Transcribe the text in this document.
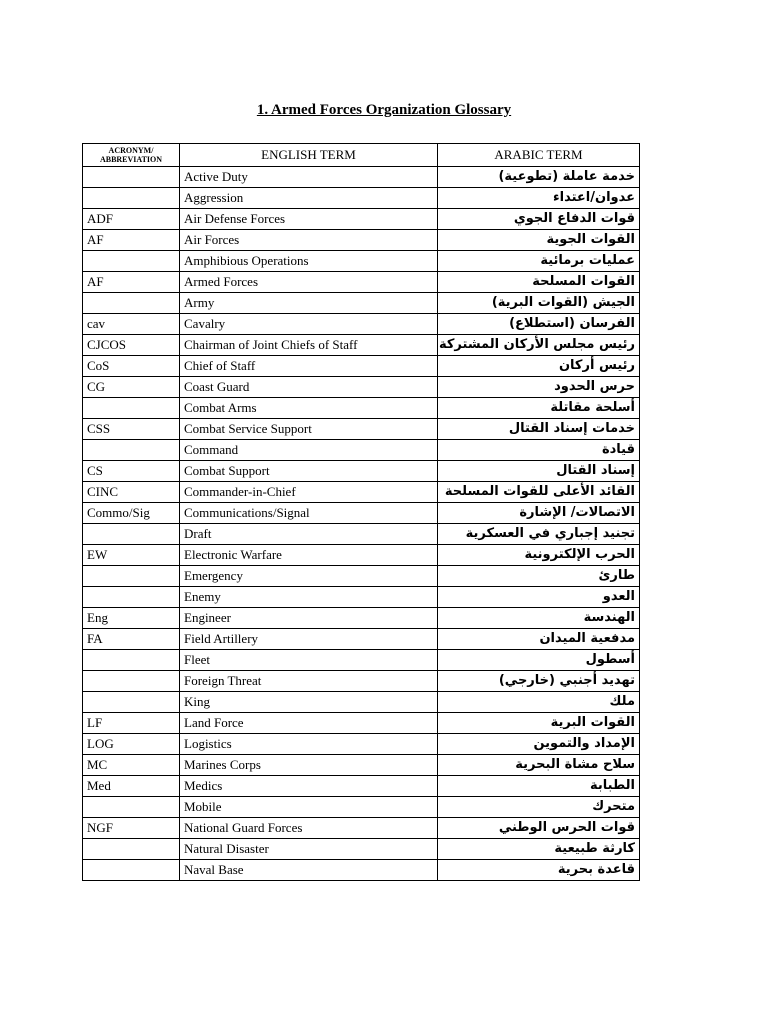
1. Armed Forces Organization Glossary
ACRONYM/ ABBREVIATION	ENGLISH TERM	ARABIC TERM
	Active Duty	خدمة عاملة (تطوعية)
	Aggression	عدوان/اعتداء
ADF	Air Defense Forces	قوات الدفاع الجوي
AF	Air Forces	القوات الجوية
	Amphibious Operations	عمليات برمائية
AF	Armed Forces	القوات المسلحة
	Army	الجيش (القوات البرية)
cav	Cavalry	الفرسان (استطلاع)
CJCOS	Chairman of Joint Chiefs of Staff	رئيس مجلس الأركان المشتركة
CoS	Chief of Staff	رئيس أركان
CG	Coast Guard	حرس الحدود
	Combat Arms	أسلحة مقاتلة
CSS	Combat Service Support	خدمات إسناد القتال
	Command	قيادة
CS	Combat Support	إسناد القتال
CINC	Commander-in-Chief	القائد الأعلى للقوات المسلحة
Commo/Sig	Communications/Signal	الاتصالات/ الإشارة
	Draft	تجنيد إجباري في العسكرية
EW	Electronic Warfare	الحرب الإلكترونية
	Emergency	طارئ
	Enemy	العدو
Eng	Engineer	الهندسة
FA	Field Artillery	مدفعية الميدان
	Fleet	أسطول
	Foreign Threat	تهديد أجنبي (خارجي)
	King	ملك
LF	Land Force	القوات البرية
LOG	Logistics	الإمداد والتموين
MC	Marines Corps	سلاح مشاة البحرية
Med	Medics	الطبابة
	Mobile	متحرك
NGF	National Guard Forces	قوات الحرس الوطني
	Natural Disaster	كارثة طبيعية
	Naval Base	قاعدة بحرية
